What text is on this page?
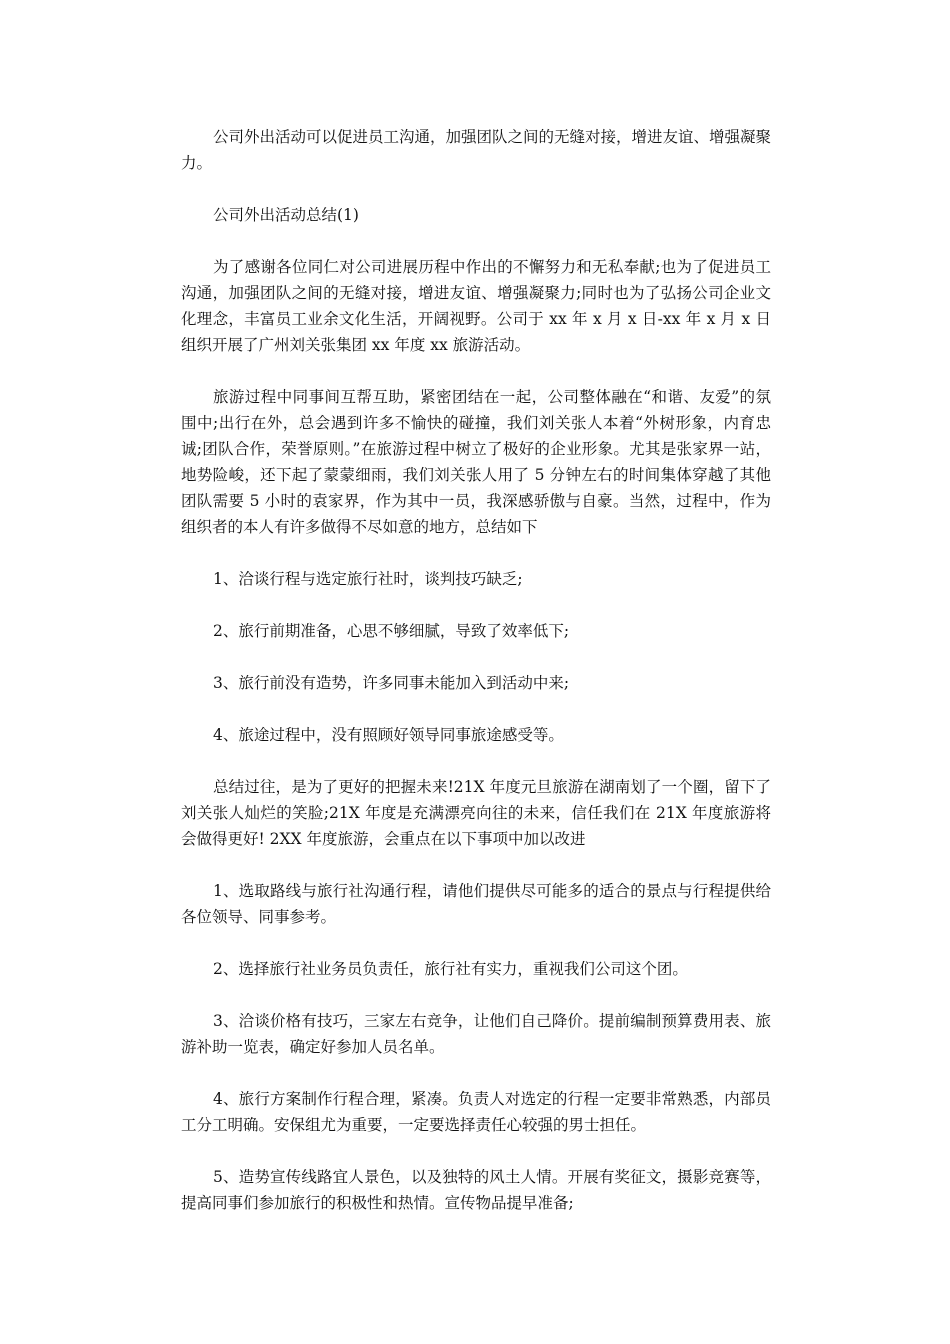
公司外出活动可以促进员工沟通，加强团队之间的无缝对接，增进友谊、增强凝聚力。

公司外出活动总结(1)

为了感谢各位同仁对公司进展历程中作出的不懈努力和无私奉献;也为了促进员工沟通，加强团队之间的无缝对接，增进友谊、增强凝聚力;同时也为了弘扬公司企业文化理念，丰富员工业余文化生活，开阔视野。公司于 xx 年 x 月 x 日-xx 年 x 月 x 日组织开展了广州刘关张集团 xx 年度 xx 旅游活动。

旅游过程中同事间互帮互助，紧密团结在一起，公司整体融在“和谐、友爱”的氛围中;出行在外，总会遇到许多不愉快的碰撞，我们刘关张人本着“外树形象，内育忠诚;团队合作，荣誉原则。”在旅游过程中树立了极好的企业形象。尤其是张家界一站，地势险峻，还下起了蒙蒙细雨，我们刘关张人用了 5 分钟左右的时间集体穿越了其他团队需要 5 小时的袁家界，作为其中一员，我深感骄傲与自豪。当然，过程中，作为组织者的本人有许多做得不尽如意的地方，总结如下

1、洽谈行程与选定旅行社时，谈判技巧缺乏;

2、旅行前期准备，心思不够细腻，导致了效率低下;

3、旅行前没有造势，许多同事未能加入到活动中来;

4、旅途过程中，没有照顾好领导同事旅途感受等。

总结过往，是为了更好的把握未来!21X 年度元旦旅游在湖南划了一个圈，留下了刘关张人灿烂的笑脸;21X 年度是充满漂亮向往的未来，信任我们在 21X 年度旅游将会做得更好! 2XX 年度旅游，会重点在以下事项中加以改进

1、选取路线与旅行社沟通行程，请他们提供尽可能多的适合的景点与行程提供给各位领导、同事参考。

2、选择旅行社业务员负责任，旅行社有实力，重视我们公司这个团。

3、洽谈价格有技巧，三家左右竞争，让他们自己降价。提前编制预算费用表、旅游补助一览表，确定好参加人员名单。

4、旅行方案制作行程合理，紧凑。负责人对选定的行程一定要非常熟悉，内部员工分工明确。安保组尤为重要，一定要选择责任心较强的男士担任。

5、造势宣传线路宜人景色，以及独特的风土人情。开展有奖征文，摄影竞赛等，提高同事们参加旅行的积极性和热情。宣传物品提早准备;
